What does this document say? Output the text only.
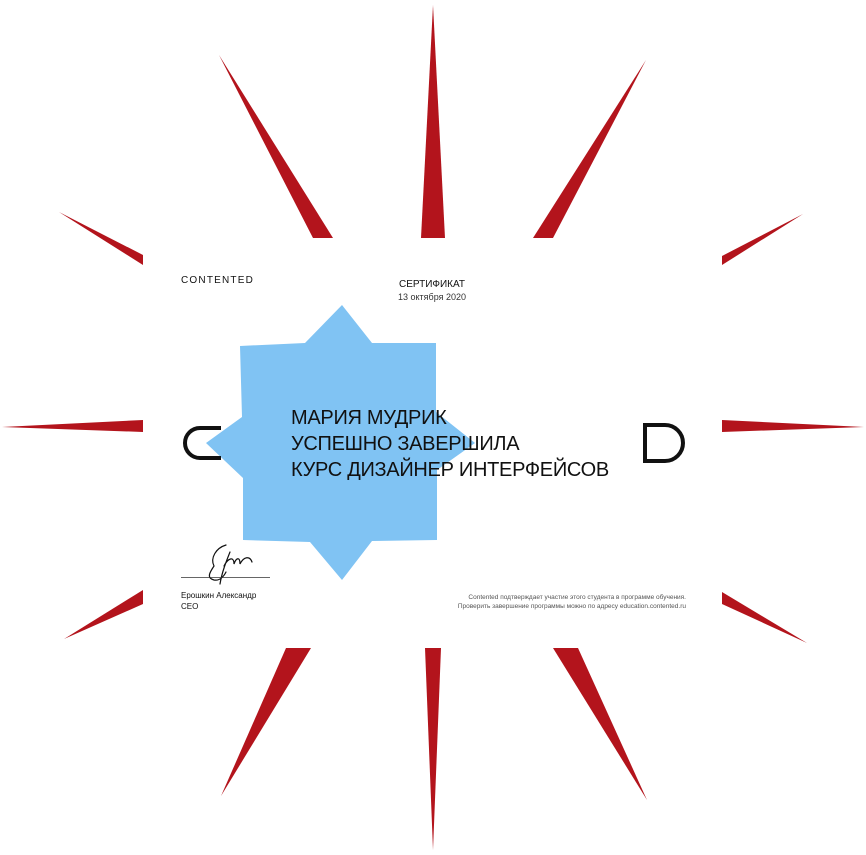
CONTENTED	СЕРТИФИКАТ
13 октября 2020
МАРИЯ МУДРИК
УСПЕШНО ЗАВЕРШИЛА
КУРС ДИЗАЙНЕР ИНТЕРФЕЙСОВ
Ерошкин Александр
CEO
Contented подтверждает участие этого студента в программе обучения.
Проверить завершение программы можно по адресу education.contented.ru
